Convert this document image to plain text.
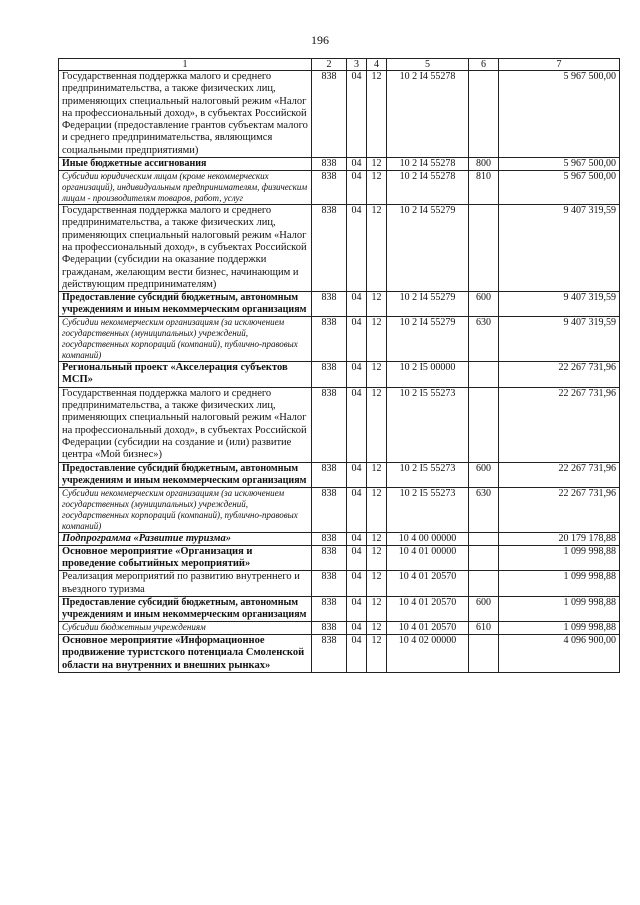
196
1	2	3	4	5	6	7
Государственная поддержка малого и среднего предпринимательства, а также физических лиц, применяющих специальный налоговый режим «Налог на профессиональный доход», в субъектах Российской Федерации (предоставление грантов субъектам малого и среднего предпринимательства, являющимся социальными предприятиями)	838	04	12	10 2 I4 55278		5 967 500,00
Иные бюджетные ассигнования	838	04	12	10 2 I4 55278	800	5 967 500,00
Субсидии юридическим лицам (кроме некоммерческих организаций), индивидуальным предпринимателям, физическим лицам - производителям товаров, работ, услуг	838	04	12	10 2 I4 55278	810	5 967 500,00
Государственная поддержка малого и среднего предпринимательства, а также физических лиц, применяющих специальный налоговый режим «Налог на профессиональный доход», в субъектах Российской Федерации (субсидии на оказание поддержки гражданам, желающим вести бизнес, начинающим и действующим предпринимателям)	838	04	12	10 2 I4 55279		9 407 319,59
Предоставление субсидий бюджетным, автономным учреждениям и иным некоммерческим организациям	838	04	12	10 2 I4 55279	600	9 407 319,59
Субсидии некоммерческим организациям (за исключением государственных (муниципальных) учреждений, государственных корпораций (компаний), публично-правовых компаний)	838	04	12	10 2 I4 55279	630	9 407 319,59
Региональный проект «Акселерация субъектов МСП»	838	04	12	10 2 I5 00000		22 267 731,96
Государственная поддержка малого и среднего предпринимательства, а также физических лиц, применяющих специальный налоговый режим «Налог на профессиональный доход», в субъектах Российской Федерации (субсидии на создание и (или) развитие центра «Мой бизнес»)	838	04	12	10 2 I5 55273		22 267 731,96
Предоставление субсидий бюджетным, автономным учреждениям и иным некоммерческим организациям	838	04	12	10 2 I5 55273	600	22 267 731,96
Субсидии некоммерческим организациям (за исключением государственных (муниципальных) учреждений, государственных корпораций (компаний), публично-правовых компаний)	838	04	12	10 2 I5 55273	630	22 267 731,96
Подпрограмма «Развитие туризма»	838	04	12	10 4 00 00000		20 179 178,88
Основное мероприятие «Организация и проведение событийных мероприятий»	838	04	12	10 4 01 00000		1 099 998,88
Реализация мероприятий по развитию внутреннего и въездного туризма	838	04	12	10 4 01 20570		1 099 998,88
Предоставление субсидий бюджетным, автономным учреждениям и иным некоммерческим организациям	838	04	12	10 4 01 20570	600	1 099 998,88
Субсидии бюджетным учреждениям	838	04	12	10 4 01 20570	610	1 099 998,88
Основное мероприятие «Информационное продвижение туристского потенциала Смоленской области на внутренних и внешних рынках»	838	04	12	10 4 02 00000		4 096 900,00
